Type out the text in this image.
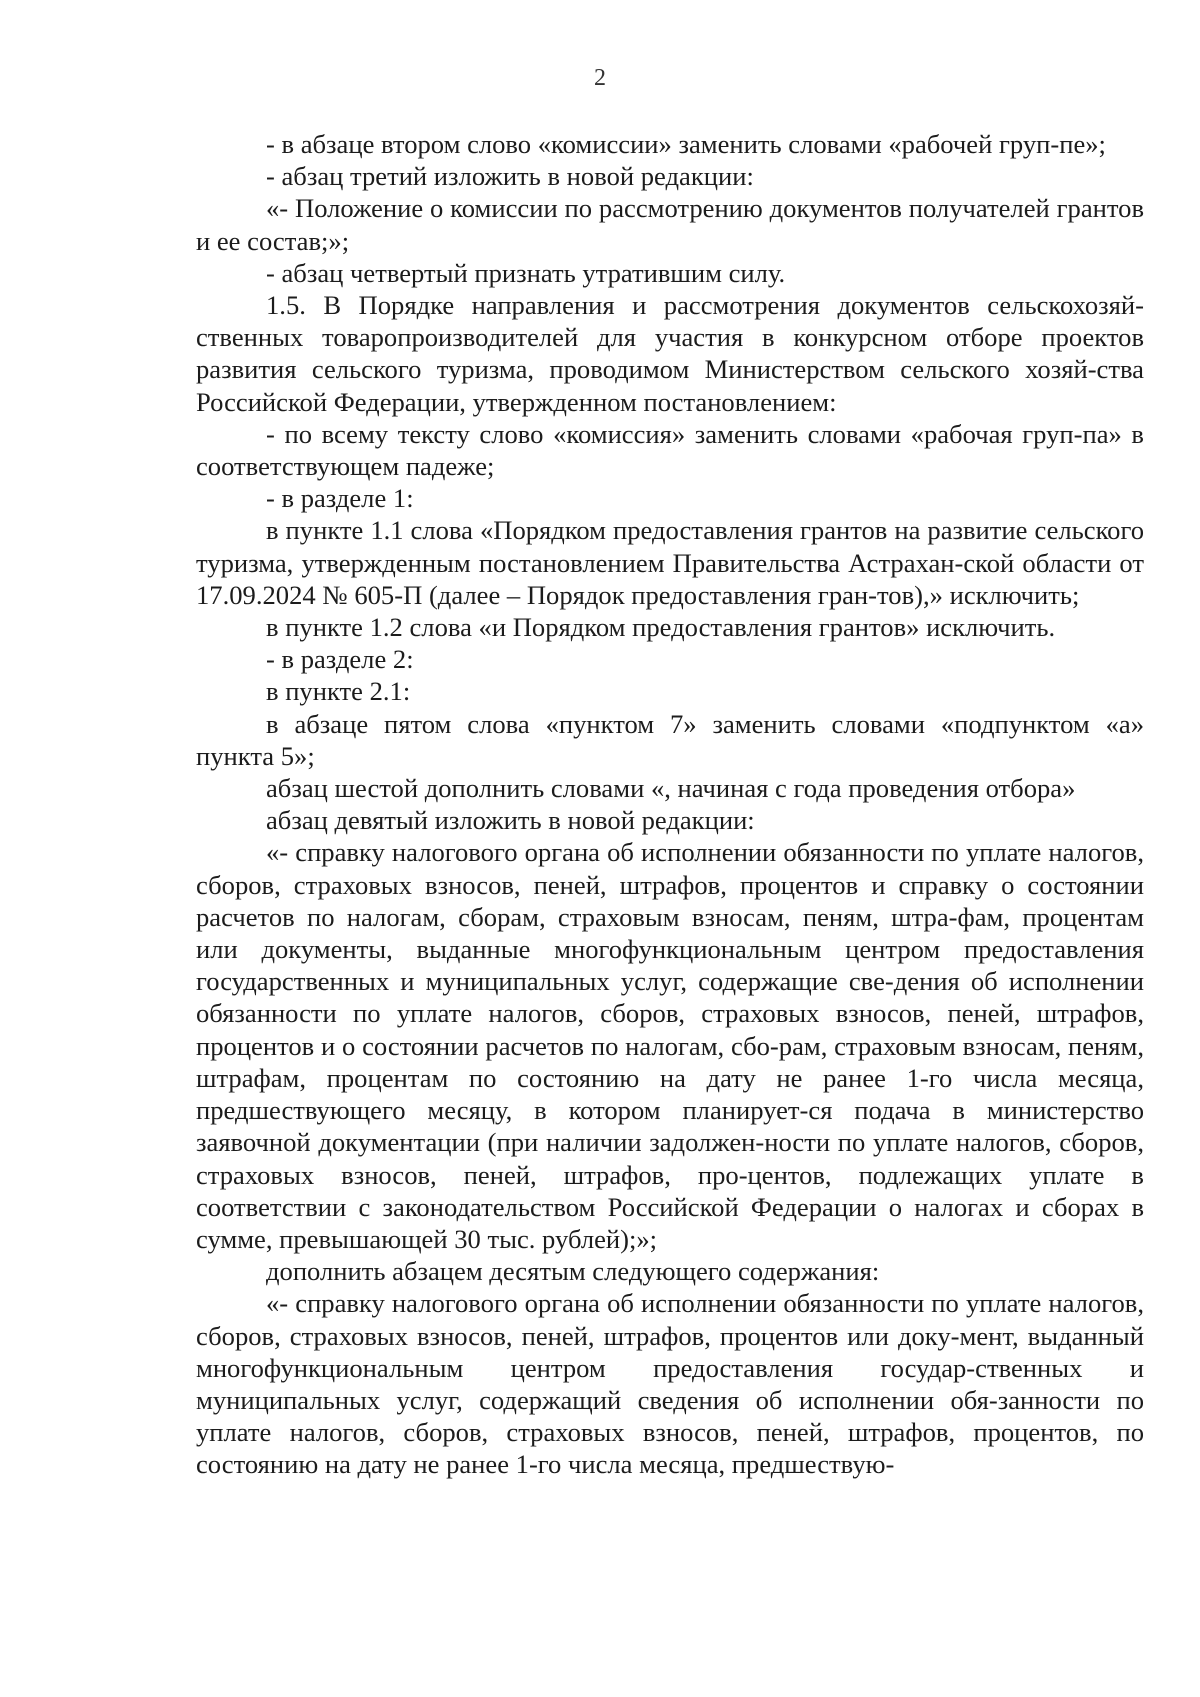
2

- в абзаце втором слово «комиссии» заменить словами «рабочей груп-пе»;

- абзац третий изложить в новой редакции:

«- Положение о комиссии по рассмотрению документов получателей грантов и ее состав;»;

- абзац четвертый признать утратившим силу.

1.5. В Порядке направления и рассмотрения документов сельскохозяй-ственных товаропроизводителей для участия в конкурсном отборе проектов развития сельского туризма, проводимом Министерством сельского хозяй-ства Российской Федерации, утвержденном постановлением:

- по всему тексту слово «комиссия» заменить словами «рабочая груп-па» в соответствующем падеже;

- в разделе 1:

в пункте 1.1 слова «Порядком предоставления грантов на развитие сельского туризма, утвержденным постановлением Правительства Астрахан-ской области от 17.09.2024 № 605-П (далее – Порядок предоставления гран-тов),» исключить;

в пункте 1.2 слова «и Порядком предоставления грантов» исключить.

- в разделе 2:

в пункте 2.1:

в абзаце пятом слова «пунктом 7» заменить словами «подпунктом «а» пункта 5»;

абзац шестой дополнить словами «, начиная с года проведения отбора»

абзац девятый изложить в новой редакции:

«- справку налогового органа об исполнении обязанности по уплате налогов, сборов, страховых взносов, пеней, штрафов, процентов и справку о состоянии расчетов по налогам, сборам, страховым взносам, пеням, штра-фам, процентам или документы, выданные многофункциональным центром предоставления государственных и муниципальных услуг, содержащие све-дения об исполнении обязанности по уплате налогов, сборов, страховых взносов, пеней, штрафов, процентов и о состоянии расчетов по налогам, сбо-рам, страховым взносам, пеням, штрафам, процентам по состоянию на дату не ранее 1-го числа месяца, предшествующего месяцу, в котором планирует-ся подача в министерство заявочной документации (при наличии задолжен-ности по уплате налогов, сборов, страховых взносов, пеней, штрафов, про-центов, подлежащих уплате в соответствии с законодательством Российской Федерации о налогах и сборах в сумме, превышающей 30 тыс. рублей);»;

дополнить абзацем десятым следующего содержания:

«- справку налогового органа об исполнении обязанности по уплате налогов, сборов, страховых взносов, пеней, штрафов, процентов или доку-мент, выданный многофункциональным центром предоставления государ-ственных и муниципальных услуг, содержащий сведения об исполнении обя-занности по уплате налогов, сборов, страховых взносов, пеней, штрафов, процентов, по состоянию на дату не ранее 1-го числа месяца, предшествую-
